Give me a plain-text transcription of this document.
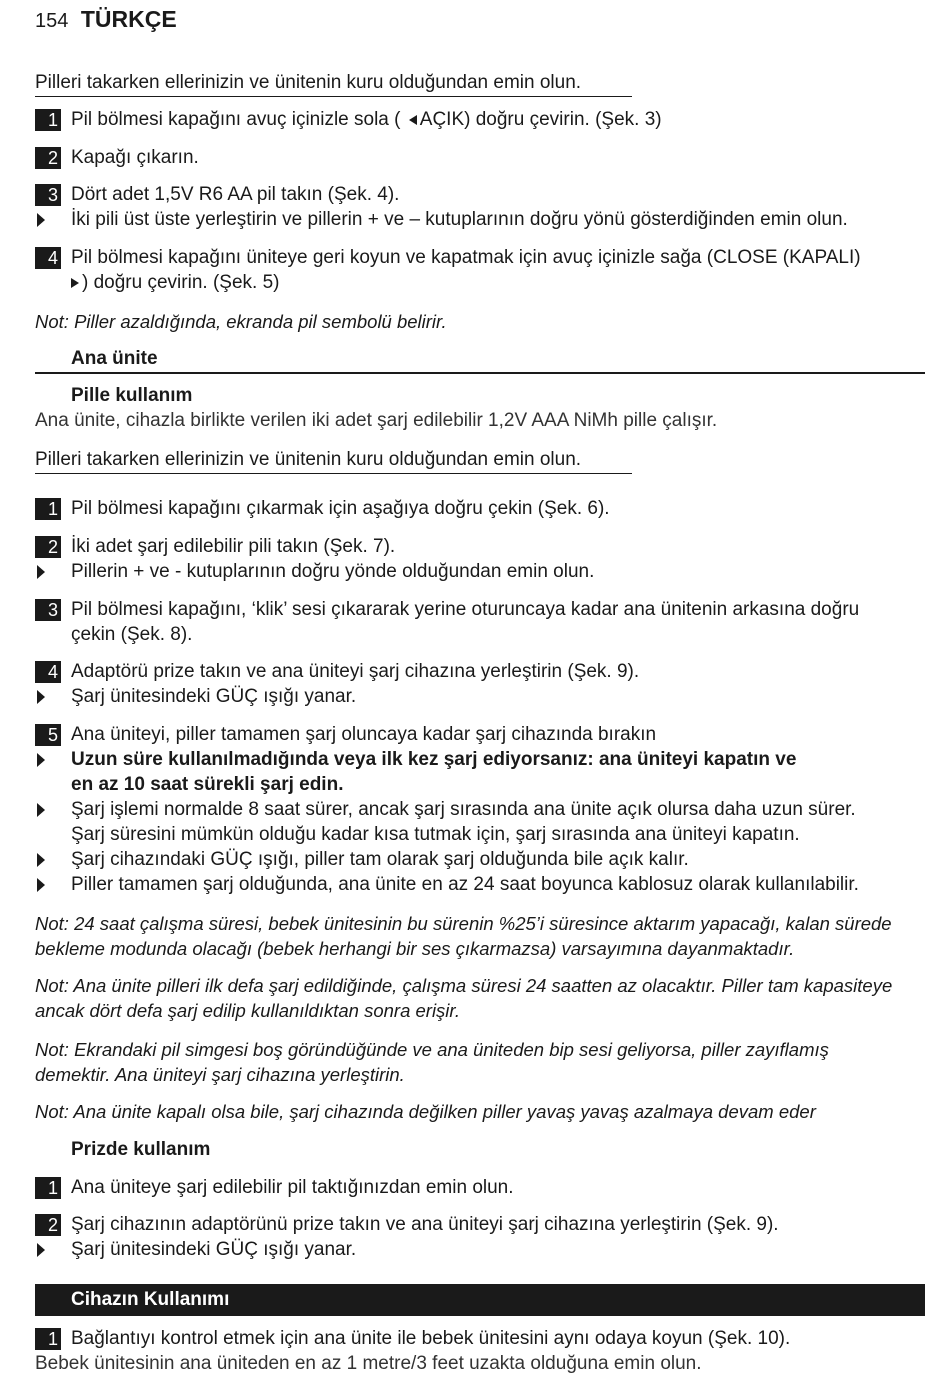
154 TÜRKÇE
Pilleri takarken ellerinizin ve ünitenin kuru olduğundan emin olun.
1 Pil bölmesi kapağını avuç içinizle sola ( AÇIK) doğru çevirin. (Şek. 3)
2 Kapağı çıkarın.
3 Dört adet 1,5V R6 AA pil takın (Şek. 4).
İki pili üst üste yerleştirin ve pillerin + ve – kutuplarının doğru yönü gösterdiğinden emin olun.
4 Pil bölmesi kapağını üniteye geri koyun ve kapatmak için avuç içinizle sağa (CLOSE (KAPALI)
) doğru çevirin. (Şek. 5)
Not: Piller azaldığında, ekranda pil sembolü belirir.
Ana ünite
Pille kullanım
Ana ünite, cihazla birlikte verilen iki adet şarj edilebilir 1,2V AAA NiMh pille çalışır.
Pilleri takarken ellerinizin ve ünitenin kuru olduğundan emin olun.
1 Pil bölmesi kapağını çıkarmak için aşağıya doğru çekin (Şek. 6).
2 İki adet şarj edilebilir pili takın (Şek. 7).
Pillerin + ve - kutuplarının doğru yönde olduğundan emin olun.
3 Pil bölmesi kapağını, ‘klik’ sesi çıkararak yerine oturuncaya kadar ana ünitenin arkasına doğru
çekin (Şek. 8).
4 Adaptörü prize takın ve ana üniteyi şarj cihazına yerleştirin (Şek. 9).
Şarj ünitesindeki GÜÇ ışığı yanar.
5 Ana üniteyi, piller tamamen şarj oluncaya kadar şarj cihazında bırakın
Uzun süre kullanılmadığında veya ilk kez şarj ediyorsanız: ana üniteyi kapatın ve
en az 10 saat sürekli şarj edin.
Şarj işlemi normalde 8 saat sürer, ancak şarj sırasında ana ünite açık olursa daha uzun sürer.
Şarj süresini mümkün olduğu kadar kısa tutmak için, şarj sırasında ana üniteyi kapatın.
Şarj cihazındaki GÜÇ ışığı, piller tam olarak şarj olduğunda bile açık kalır.
Piller tamamen şarj olduğunda, ana ünite en az 24 saat boyunca kablosuz olarak kullanılabilir.
Not: 24 saat çalışma süresi, bebek ünitesinin bu sürenin %25’i süresince aktarım yapacağı, kalan sürede
bekleme modunda olacağı (bebek herhangi bir ses çıkarmazsa) varsayımına dayanmaktadır.
Not: Ana ünite pilleri ilk defa şarj edildiğinde, çalışma süresi 24 saatten az olacaktır. Piller tam kapasiteye
ancak dört defa şarj edilip kullanıldıktan sonra erişir.
Not: Ekrandaki pil simgesi boş göründüğünde ve ana üniteden bip sesi geliyorsa, piller zayıflamış
demektir. Ana üniteyi şarj cihazına yerleştirin.
Not: Ana ünite kapalı olsa bile, şarj cihazında değilken piller yavaş yavaş azalmaya devam eder
Prizde kullanım
1 Ana üniteye şarj edilebilir pil taktığınızdan emin olun.
2 Şarj cihazının adaptörünü prize takın ve ana üniteyi şarj cihazına yerleştirin (Şek. 9).
Şarj ünitesindeki GÜÇ ışığı yanar.
Cihazın Kullanımı
1 Bağlantıyı kontrol etmek için ana ünite ile bebek ünitesini aynı odaya koyun (Şek. 10).
Bebek ünitesinin ana üniteden en az 1 metre/3 feet uzakta olduğuna emin olun.
